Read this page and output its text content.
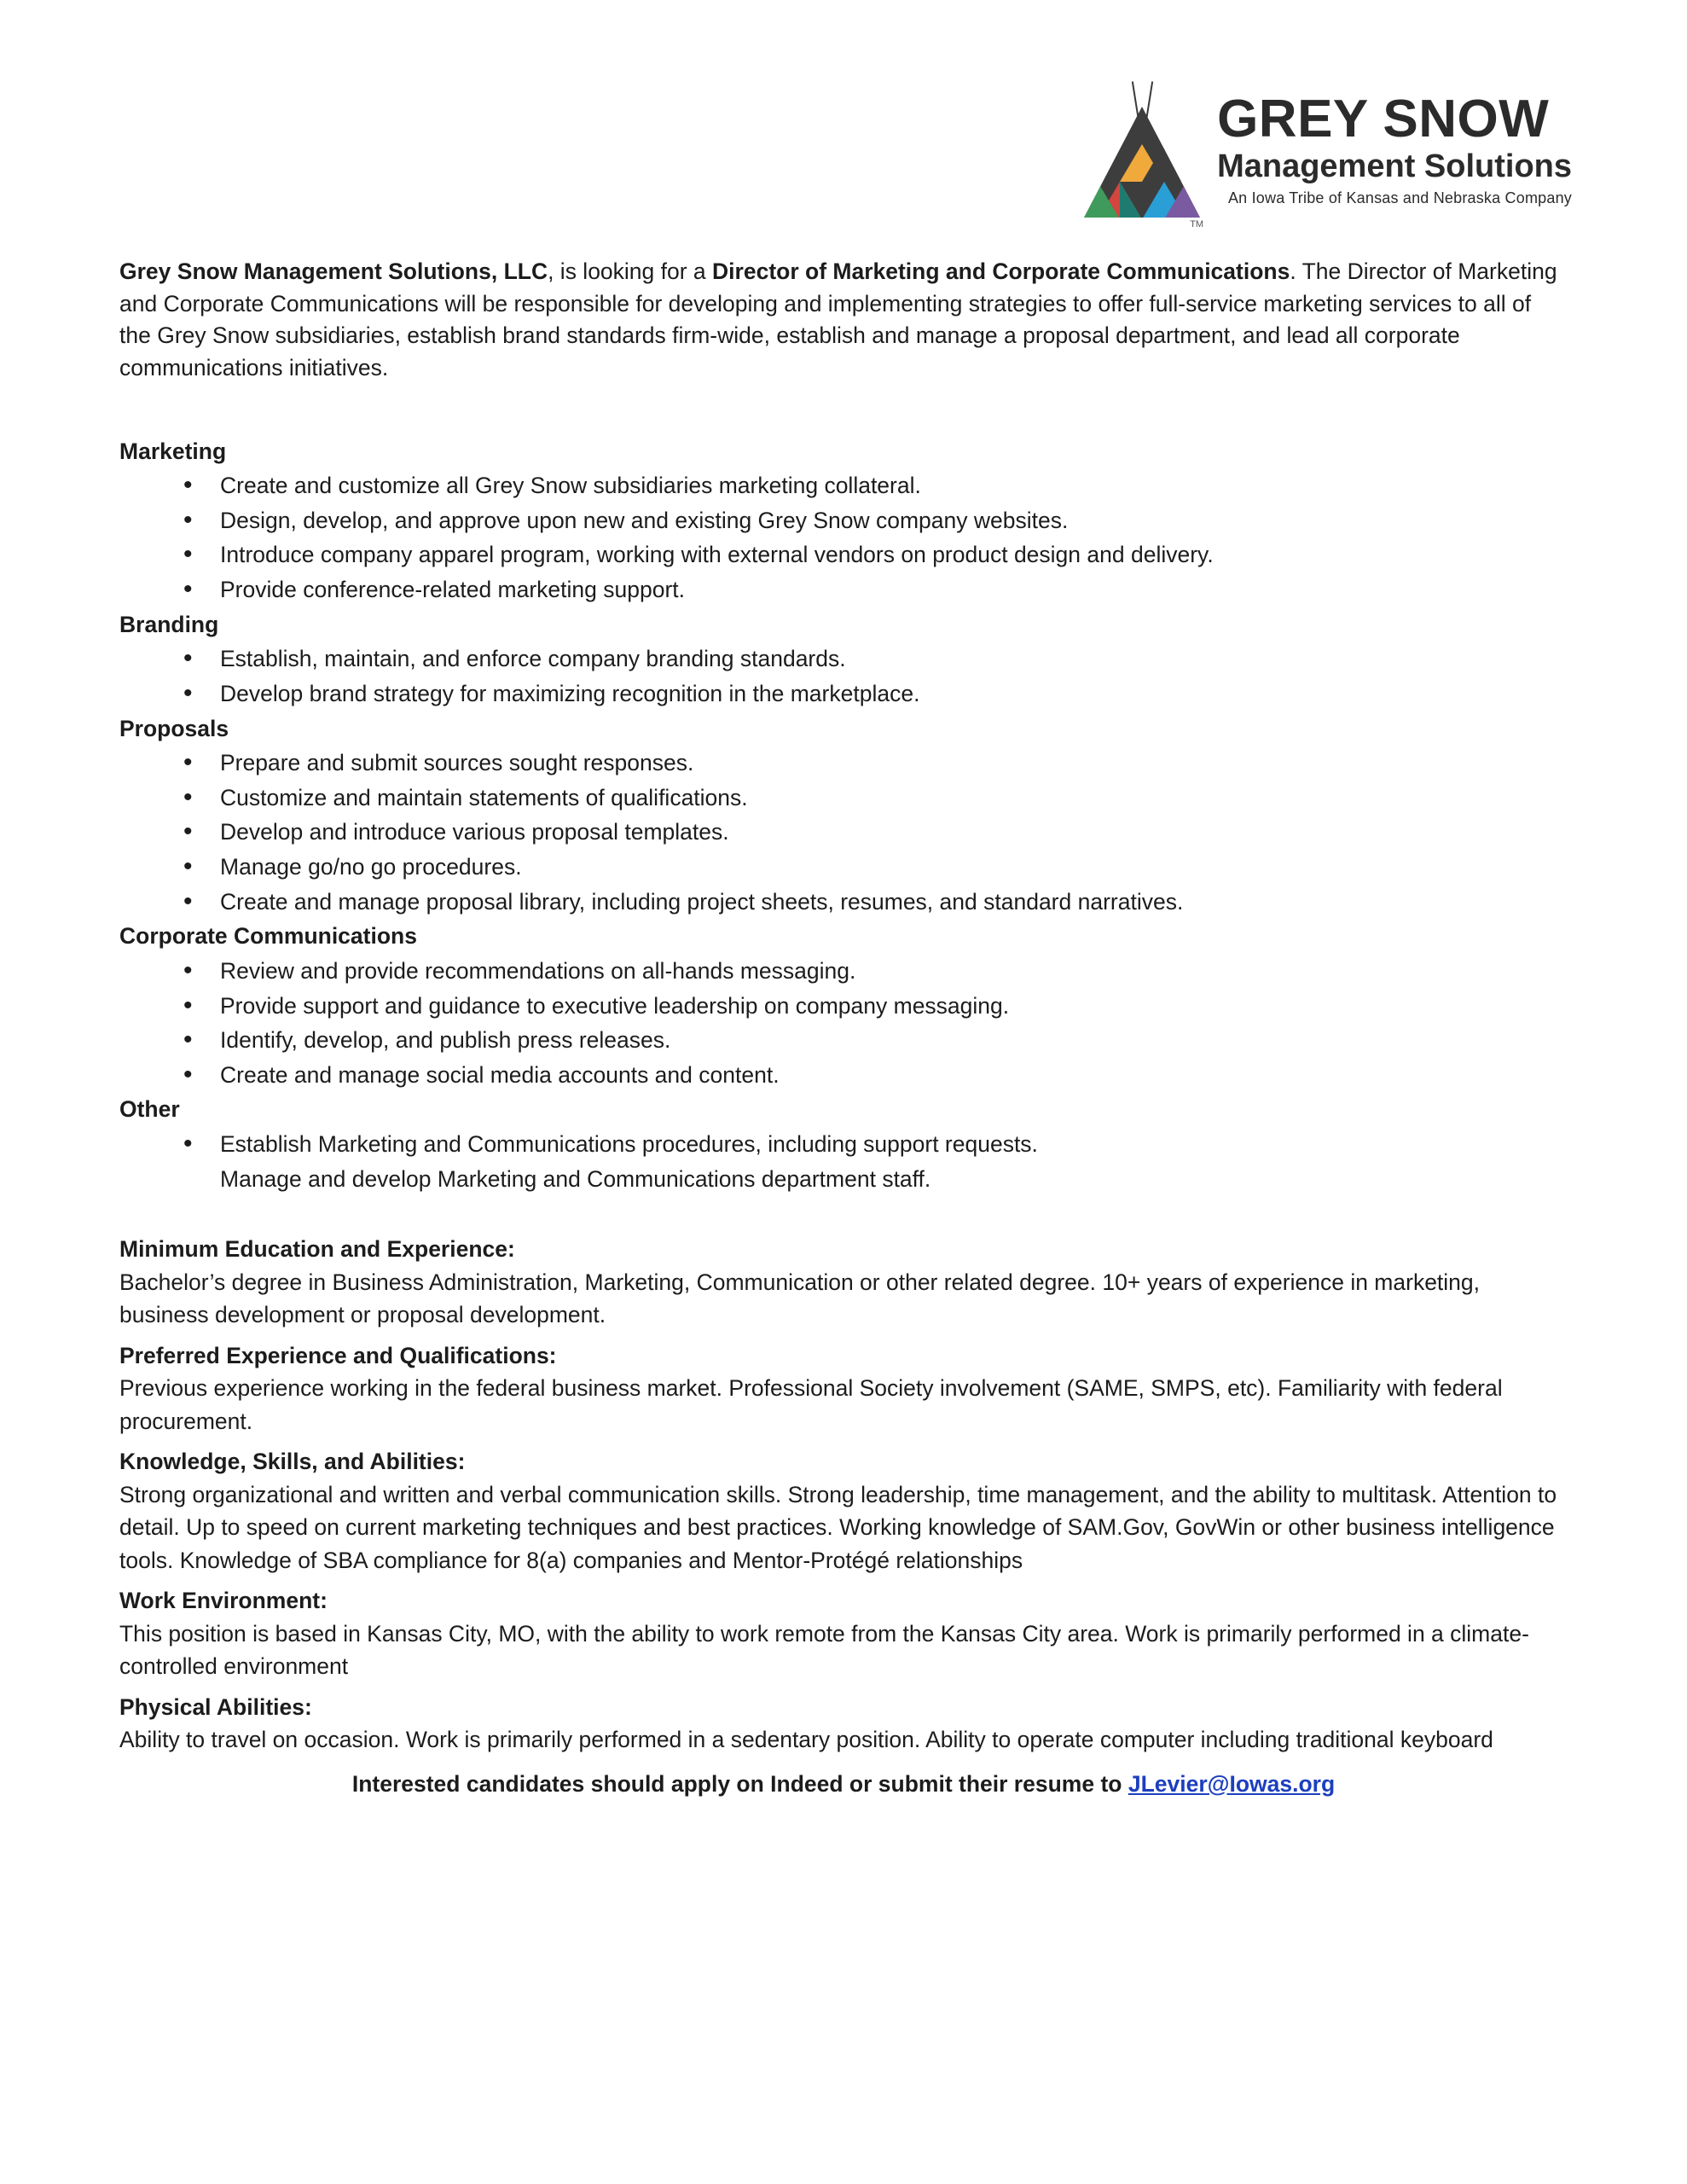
TM
GREY SNOW
Management Solutions
An Iowa Tribe of Kansas and Nebraska Company

Grey Snow Management Solutions, LLC, is looking for a Director of Marketing and Corporate Communications. The Director of Marketing and Corporate Communications will be responsible for developing and implementing strategies to offer full-service marketing services to all of the Grey Snow subsidiaries, establish brand standards firm-wide, establish and manage a proposal department, and lead all corporate communications initiatives.

Marketing
• Create and customize all Grey Snow subsidiaries marketing collateral.
• Design, develop, and approve upon new and existing Grey Snow company websites.
• Introduce company apparel program, working with external vendors on product design and delivery.
• Provide conference-related marketing support.
Branding
• Establish, maintain, and enforce company branding standards.
• Develop brand strategy for maximizing recognition in the marketplace.
Proposals
• Prepare and submit sources sought responses.
• Customize and maintain statements of qualifications.
• Develop and introduce various proposal templates.
• Manage go/no go procedures.
• Create and manage proposal library, including project sheets, resumes, and standard narratives.
Corporate Communications
• Review and provide recommendations on all-hands messaging.
• Provide support and guidance to executive leadership on company messaging.
• Identify, develop, and publish press releases.
• Create and manage social media accounts and content.
Other
• Establish Marketing and Communications procedures, including support requests.
Manage and develop Marketing and Communications department staff.
Minimum Education and Experience:

Bachelor’s degree in Business Administration, Marketing, Communication or other related degree. 10+ years of experience in marketing, business development or proposal development.

Preferred Experience and Qualifications:

Previous experience working in the federal business market. Professional Society involvement (SAME, SMPS, etc). Familiarity with federal procurement.

Knowledge, Skills, and Abilities:

Strong organizational and written and verbal communication skills. Strong leadership, time management, and the ability to multitask. Attention to detail. Up to speed on current marketing techniques and best practices. Working knowledge of SAM.Gov, GovWin or other business intelligence tools. Knowledge of SBA compliance for 8(a) companies and Mentor-Protégé relationships

Work Environment:

This position is based in Kansas City, MO, with the ability to work remote from the Kansas City area. Work is primarily performed in a climate-controlled environment

Physical Abilities:

Ability to travel on occasion. Work is primarily performed in a sedentary position. Ability to operate computer including traditional keyboard

Interested candidates should apply on Indeed or submit their resume to JLevier@Iowas.org
